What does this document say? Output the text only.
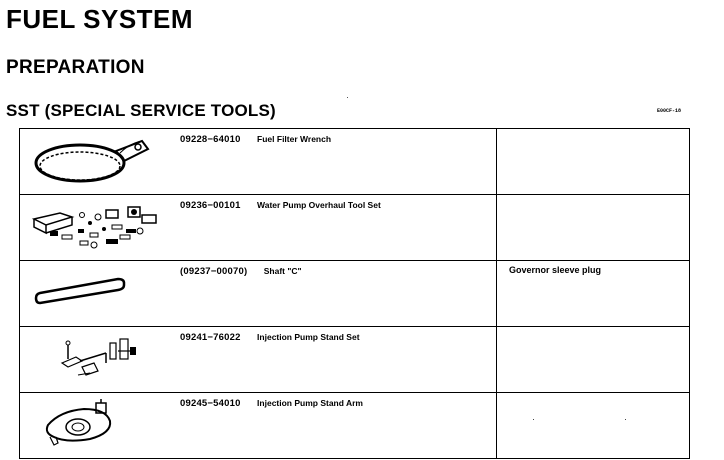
FUEL SYSTEM
PREPARATION
SST (SPECIAL SERVICE TOOLS)	E00CF-18
	09228−64010 Fuel Filter Wrench	

	09236−00101 Water Pump Overhaul Tool Set	

	(09237−00070) Shaft "C"	Governor sleeve plug

	09241−76022 Injection Pump Stand Set	

	09245−54010 Injection Pump Stand Arm	
